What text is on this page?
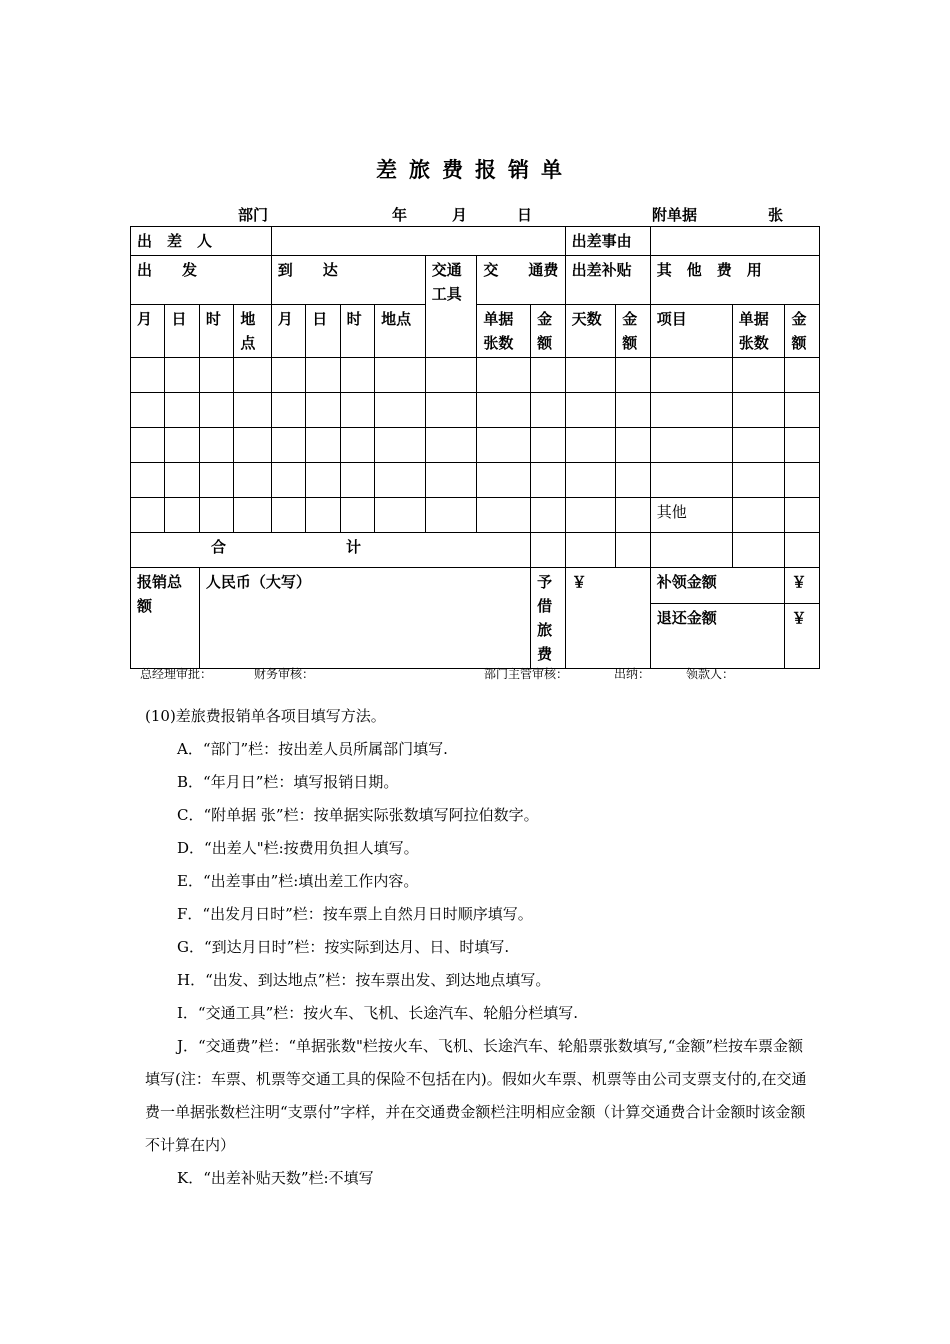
差旅费报销单
部门	年	月	日	附单据	张
出　差　人											出差事由				
出　　发				到　　达				交通工具	交　　通费		出差补贴		其　他　费　用		
月	日	时	地点	月	日	时	地点		单据张数	金额	天数	金额	项目	单据张数	金额

													其他		
合　　　　　　　　计															
报销总额		人民币（大写）								予借旅费	￥		补领金额		￥
													退还金额		￥
总经理审批：	财务审核：	部门主管审核：	出纳：	领款人：

(10)差旅费报销单各项目填写方法。

A．“部门”栏：按出差人员所属部门填写.

B．“年月日”栏：填写报销日期。

C．“附单据 张”栏：按单据实际张数填写阿拉伯数字。

D．“出差人"栏:按费用负担人填写。

E．“出差事由”栏:填出差工作内容。

F．“出发月日时”栏：按车票上自然月日时顺序填写。

G．“到达月日时”栏：按实际到达月、日、时填写.

H．“出发、到达地点”栏：按车票出发、到达地点填写。

I．“交通工具”栏：按火车、飞机、长途汽车、轮船分栏填写.

J．“交通费”栏：“单据张数"栏按火车、飞机、长途汽车、轮船票张数填写,“金额”栏按车票金额填写(注：车票、机票等交通工具的保险不包括在内)。假如火车票、机票等由公司支票支付的,在交通费一单据张数栏注明“支票付”字样，并在交通费金额栏注明相应金额（计算交通费合计金额时该金额不计算在内）

K．“出差补贴天数”栏:不填写
